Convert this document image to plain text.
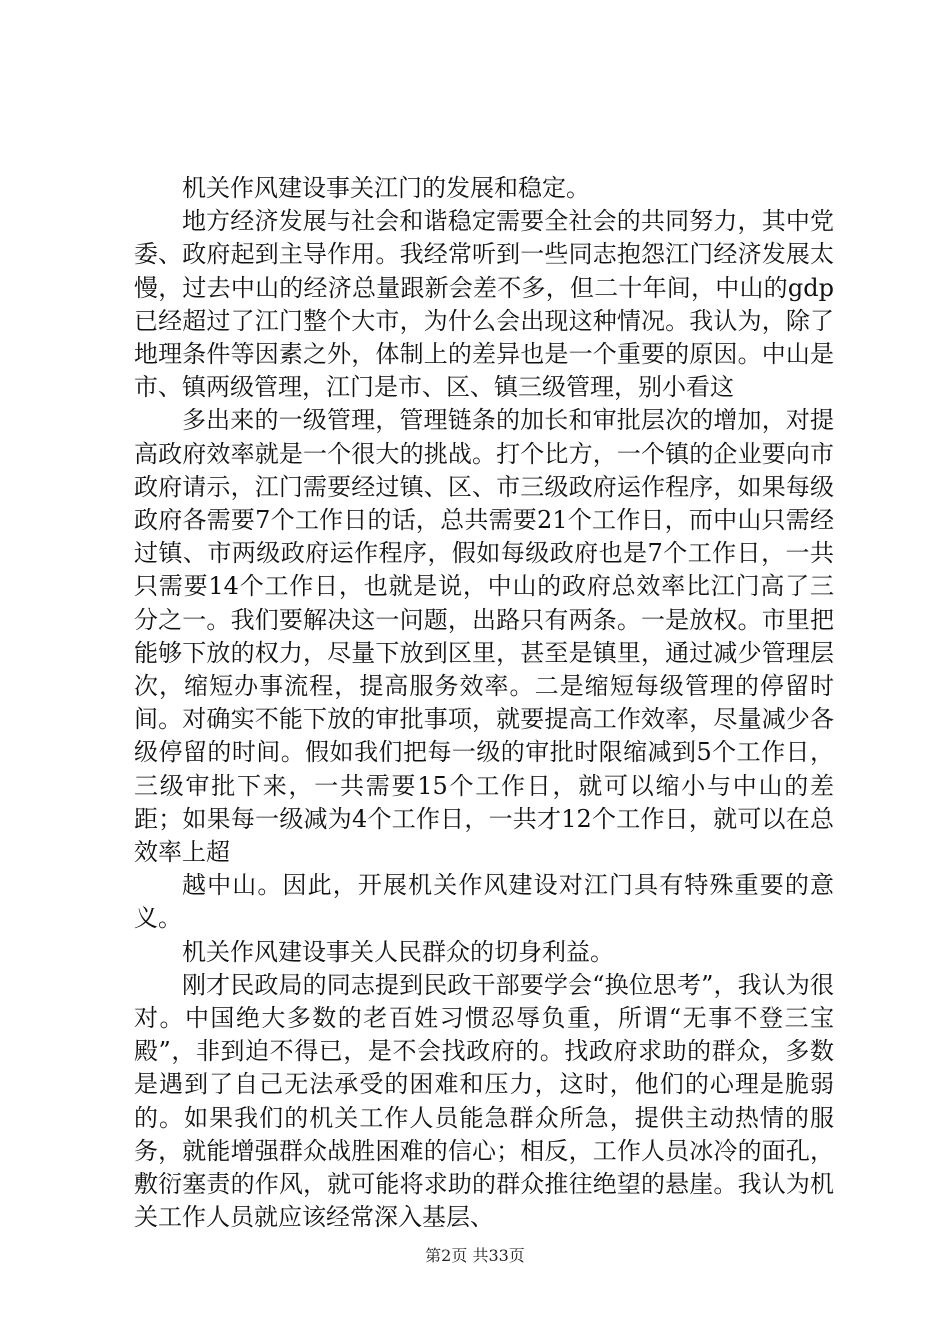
机关作风建设事关江门的发展和稳定。

地方经济发展与社会和谐稳定需要全社会的共同努力，其中党委、政府起到主导作用。我经常听到一些同志抱怨江门经济发展太慢，过去中山的经济总量跟新会差不多，但二十年间，中山的gdp已经超过了江门整个大市，为什么会出现这种情况。我认为，除了地理条件等因素之外，体制上的差异也是一个重要的原因。中山是市、镇两级管理，江门是市、区、镇三级管理，别小看这

多出来的一级管理，管理链条的加长和审批层次的增加，对提高政府效率就是一个很大的挑战。打个比方，一个镇的企业要向市政府请示，江门需要经过镇、区、市三级政府运作程序，如果每级政府各需要7个工作日的话，总共需要21个工作日，而中山只需经过镇、市两级政府运作程序，假如每级政府也是7个工作日，一共只需要14个工作日，也就是说，中山的政府总效率比江门高了三分之一。我们要解决这一问题，出路只有两条。一是放权。市里把能够下放的权力，尽量下放到区里，甚至是镇里，通过减少管理层次，缩短办事流程，提高服务效率。二是缩短每级管理的停留时间。对确实不能下放的审批事项，就要提高工作效率，尽量减少各级停留的时间。假如我们把每一级的审批时限缩减到5个工作日，三级审批下来，一共需要15个工作日，就可以缩小与中山的差距；如果每一级减为4个工作日，一共才12个工作日，就可以在总效率上超

越中山。因此，开展机关作风建设对江门具有特殊重要的意义。

机关作风建设事关人民群众的切身利益。

刚才民政局的同志提到民政干部要学会“换位思考”，我认为很对。中国绝大多数的老百姓习惯忍辱负重，所谓“无事不登三宝殿”，非到迫不得已，是不会找政府的。找政府求助的群众，多数是遇到了自己无法承受的困难和压力，这时，他们的心理是脆弱的。如果我们的机关工作人员能急群众所急，提供主动热情的服务，就能增强群众战胜困难的信心；相反，工作人员冰冷的面孔，敷衍塞责的作风，就可能将求助的群众推往绝望的悬崖。我认为机关工作人员就应该经常深入基层、

第2页 共33页
